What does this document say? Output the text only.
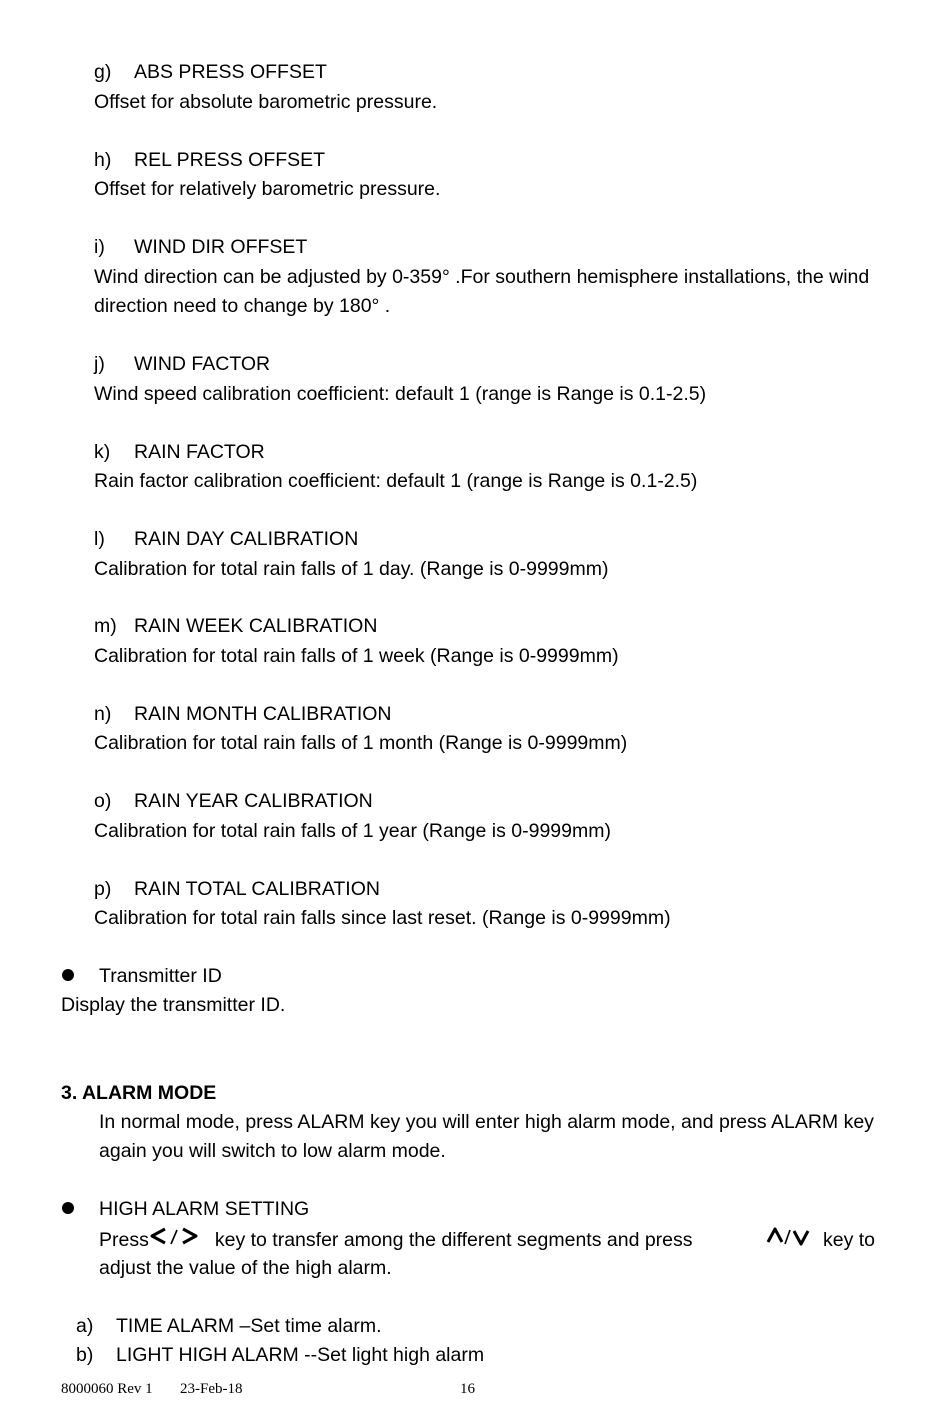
g) ABS PRESS OFFSET
Offset for absolute barometric pressure.
h) REL PRESS OFFSET
Offset for relatively barometric pressure.
i) WIND DIR OFFSET
Wind direction can be adjusted by 0-359° .For southern hemisphere installations, the wind
direction need to change by 180° .
j) WIND FACTOR
Wind speed calibration coefficient: default 1 (range is Range is 0.1-2.5)
k) RAIN FACTOR
Rain factor calibration coefficient: default 1 (range is Range is 0.1-2.5)
l) RAIN DAY CALIBRATION
Calibration for total rain falls of 1 day. (Range is 0-9999mm)
m) RAIN WEEK CALIBRATION
Calibration for total rain falls of 1 week (Range is 0-9999mm)
n) RAIN MONTH CALIBRATION
Calibration for total rain falls of 1 month (Range is 0-9999mm)
o) RAIN YEAR CALIBRATION
Calibration for total rain falls of 1 year (Range is 0-9999mm)
p) RAIN TOTAL CALIBRATION
Calibration for total rain falls since last reset. (Range is 0-9999mm)
Transmitter ID
Display the transmitter ID.
3. ALARM MODE
In normal mode, press ALARM key you will enter high alarm mode, and press ALARM key
again you will switch to low alarm mode.
HIGH ALARM SETTING
Press	key to transfer among the different segments and press	key to
adjust the value of the high alarm.
a) TIME ALARM –Set time alarm.
b) LIGHT HIGH ALARM --Set light high alarm
8000060 Rev 1 23-Feb-18	16
